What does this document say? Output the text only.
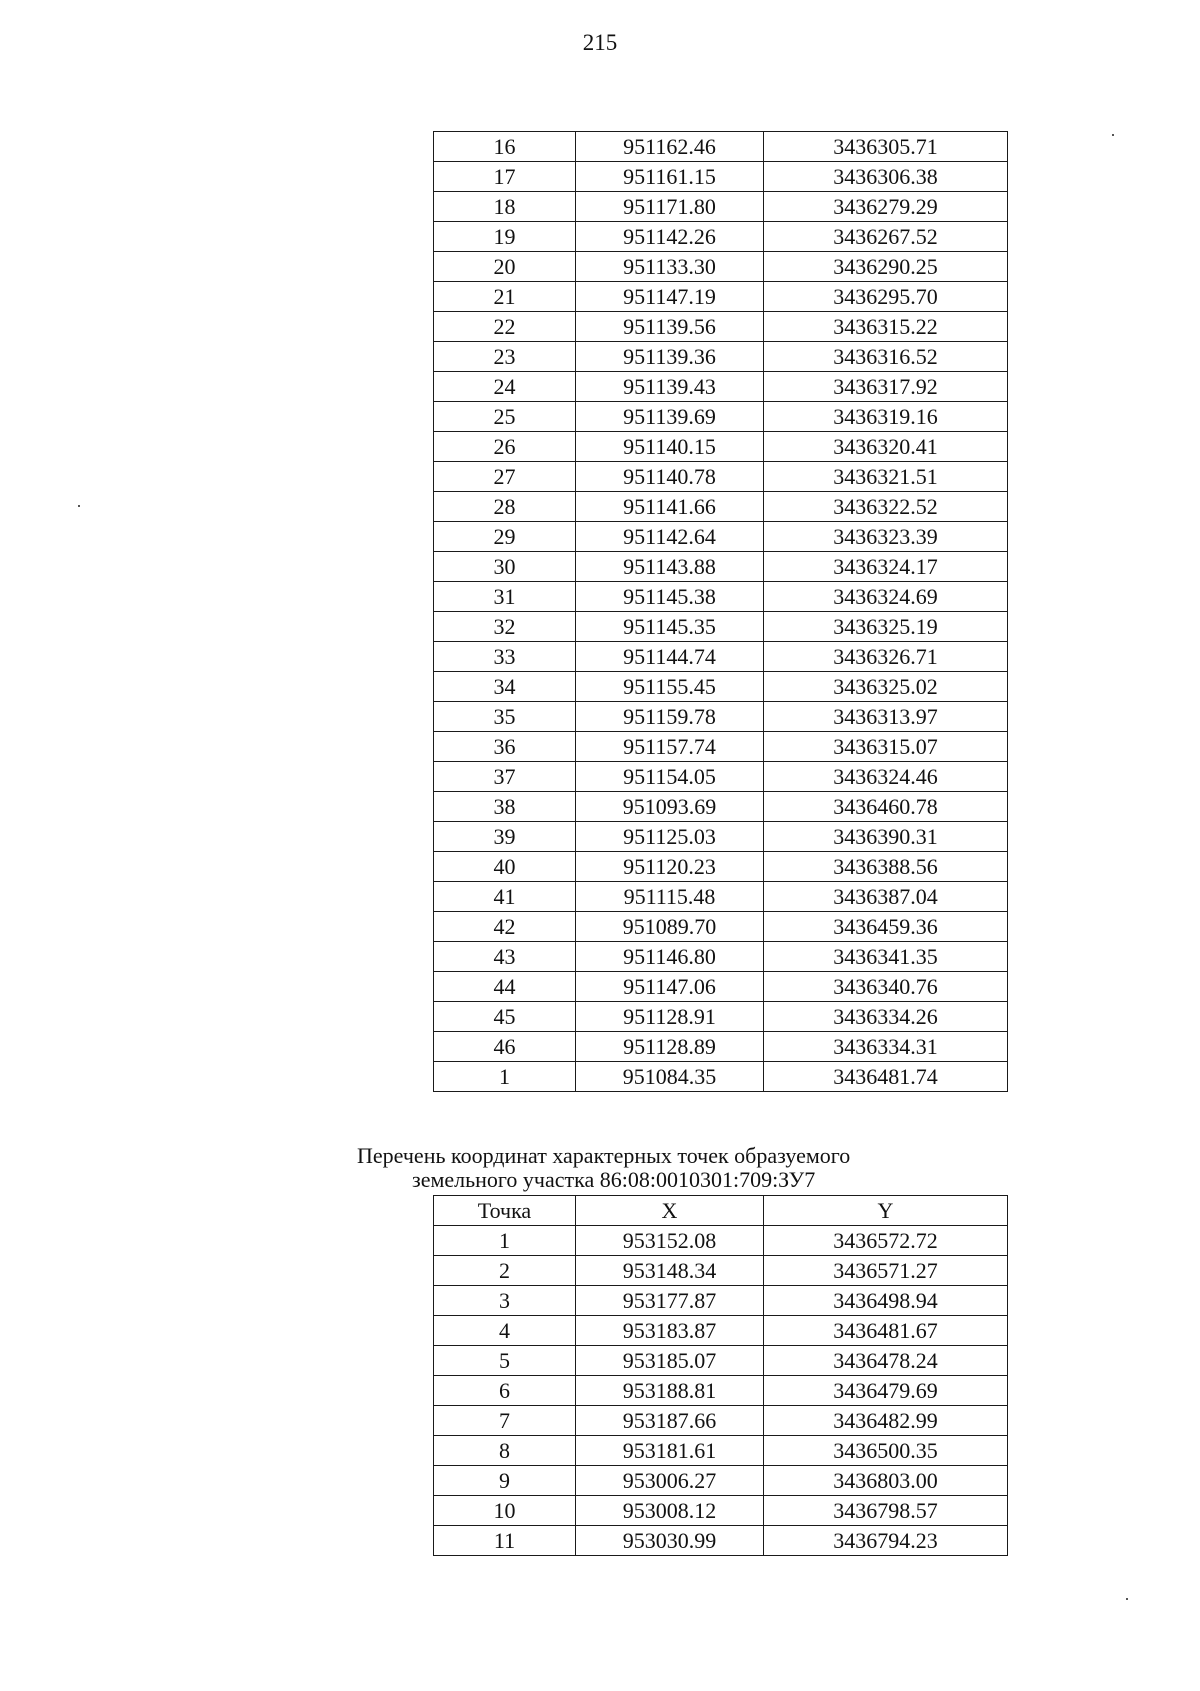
215
16	951162.46	3436305.71
17	951161.15	3436306.38
18	951171.80	3436279.29
19	951142.26	3436267.52
20	951133.30	3436290.25
21	951147.19	3436295.70
22	951139.56	3436315.22
23	951139.36	3436316.52
24	951139.43	3436317.92
25	951139.69	3436319.16
26	951140.15	3436320.41
27	951140.78	3436321.51
28	951141.66	3436322.52
29	951142.64	3436323.39
30	951143.88	3436324.17
31	951145.38	3436324.69
32	951145.35	3436325.19
33	951144.74	3436326.71
34	951155.45	3436325.02
35	951159.78	3436313.97
36	951157.74	3436315.07
37	951154.05	3436324.46
38	951093.69	3436460.78
39	951125.03	3436390.31
40	951120.23	3436388.56
41	951115.48	3436387.04
42	951089.70	3436459.36
43	951146.80	3436341.35
44	951147.06	3436340.76
45	951128.91	3436334.26
46	951128.89	3436334.31
1	951084.35	3436481.74
Перечень координат характерных точек образуемого
земельного участка 86:08:0010301:709:ЗУ7
Точка	X	Y
1	953152.08	3436572.72
2	953148.34	3436571.27
3	953177.87	3436498.94
4	953183.87	3436481.67
5	953185.07	3436478.24
6	953188.81	3436479.69
7	953187.66	3436482.99
8	953181.61	3436500.35
9	953006.27	3436803.00
10	953008.12	3436798.57
11	953030.99	3436794.23
